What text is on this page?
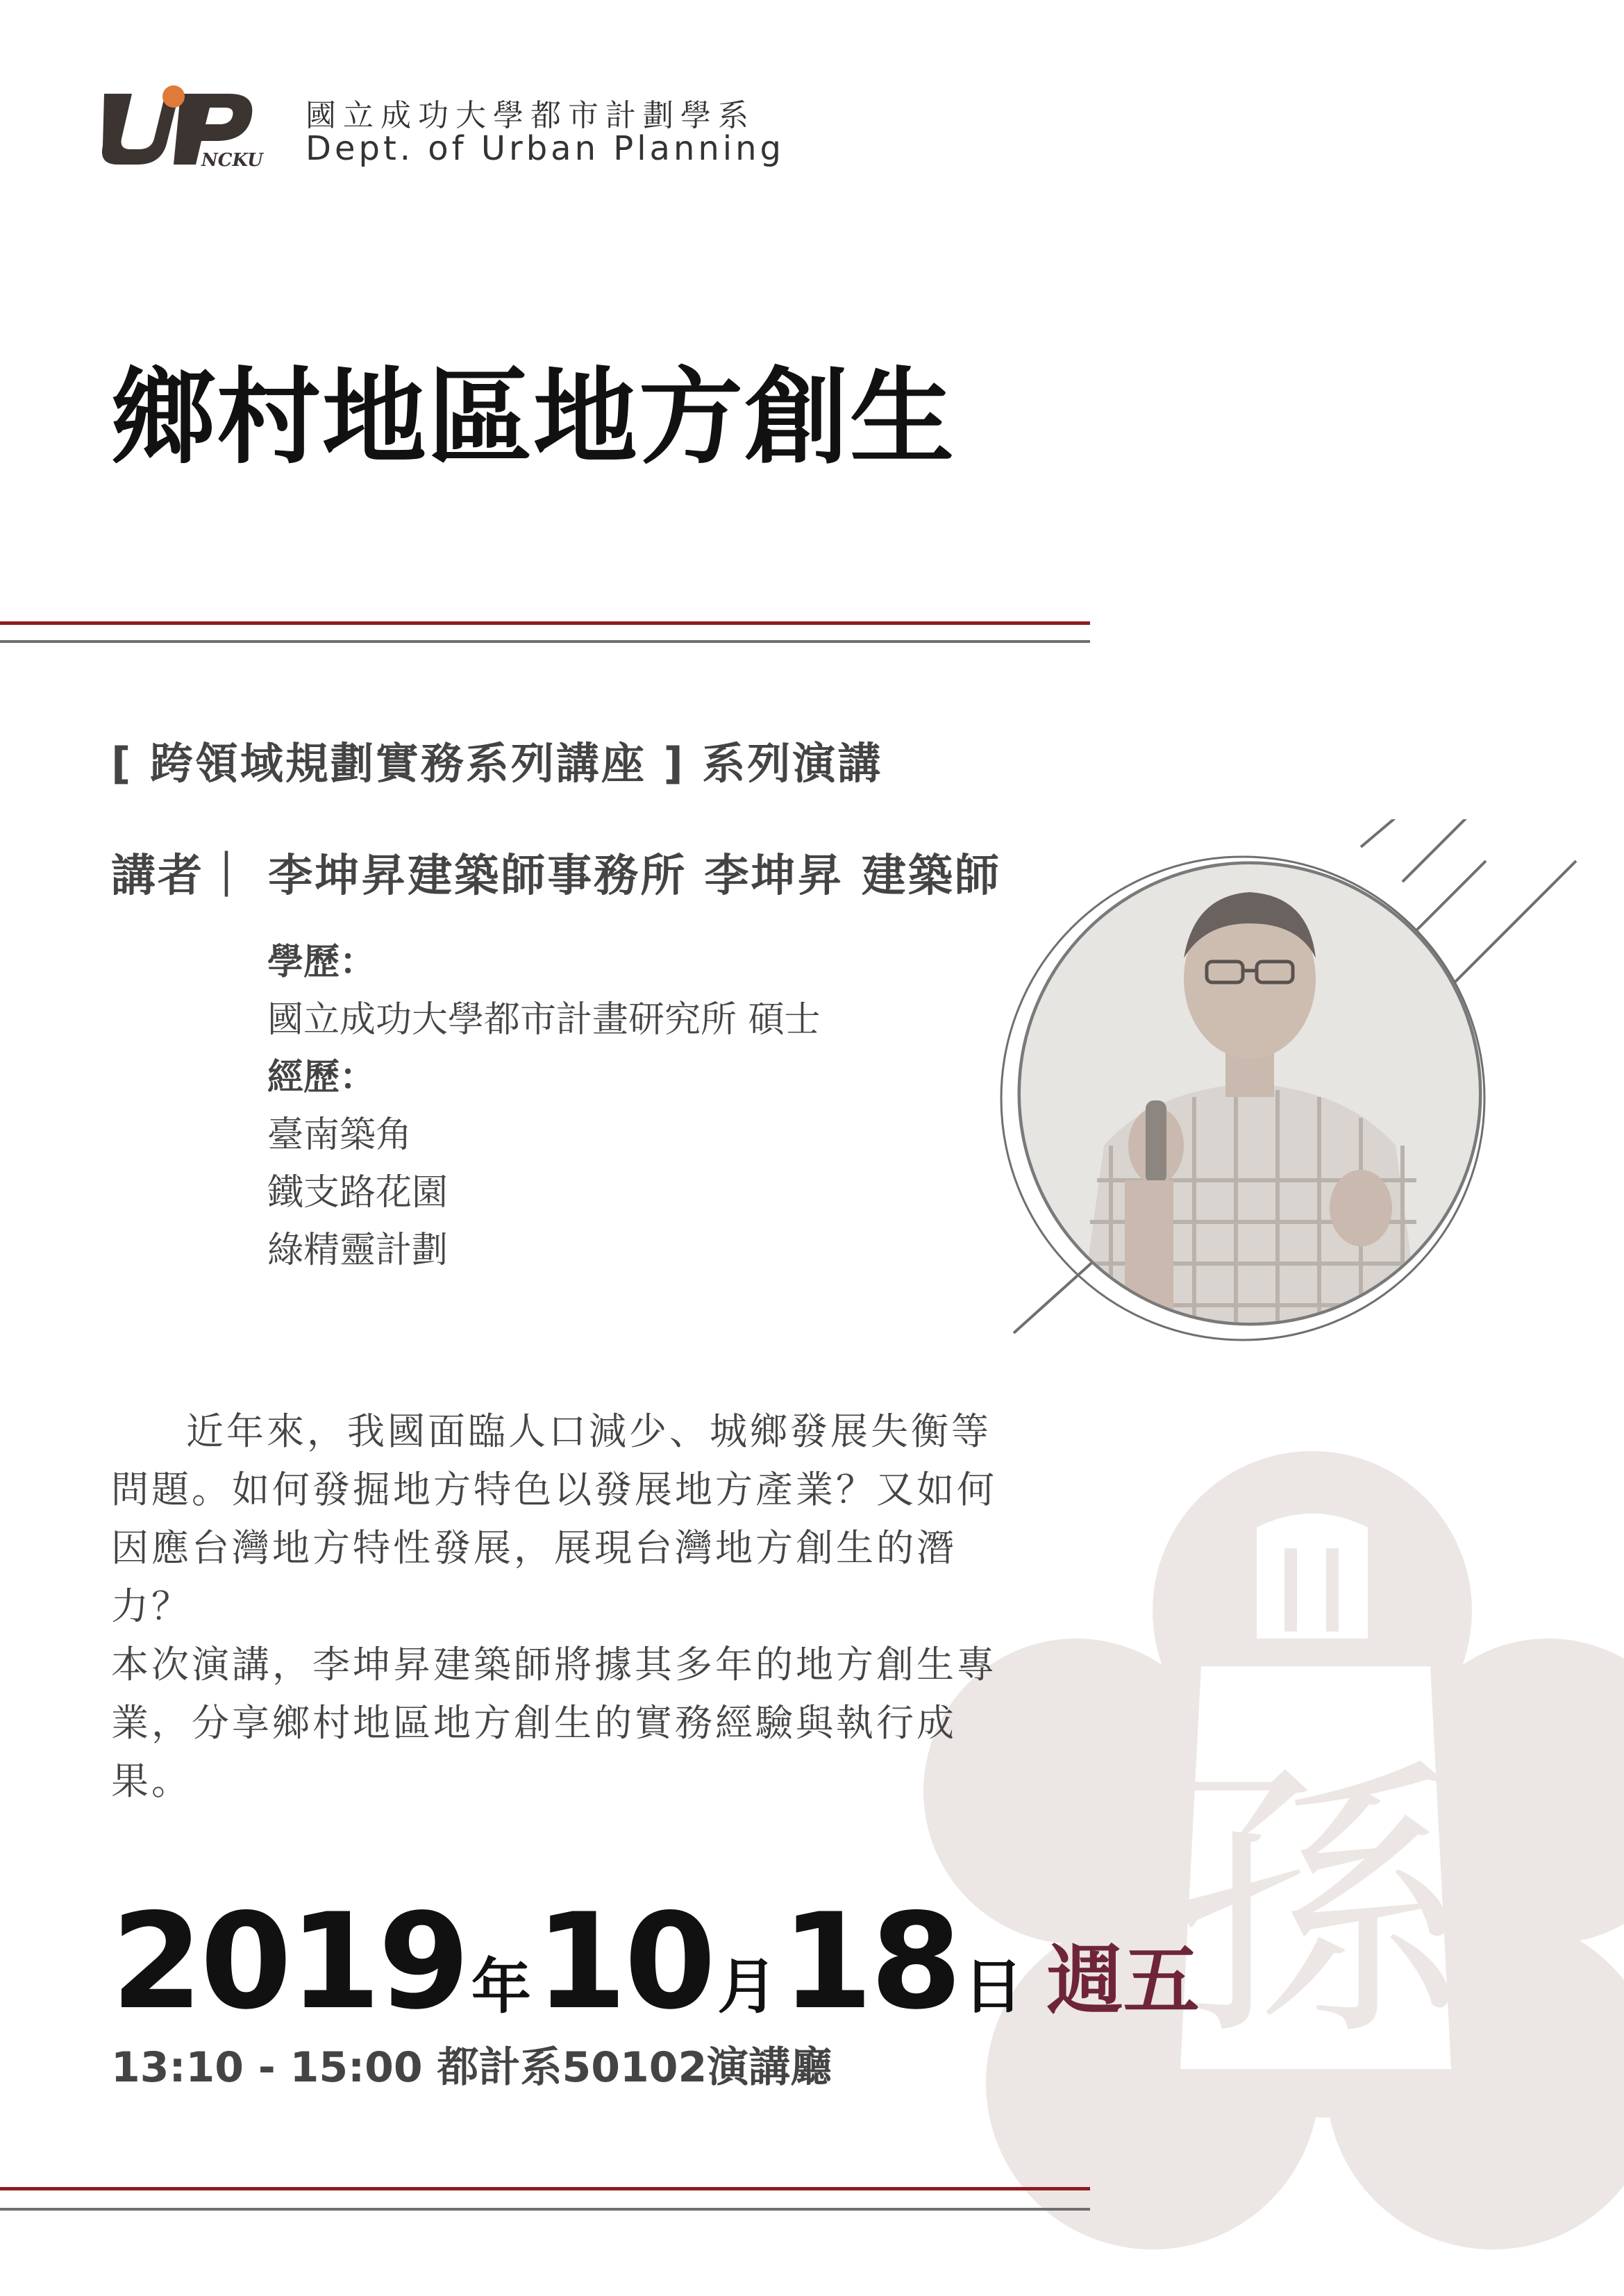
NCKU
國立成功大學都市計劃學系
Dept. of Urban Planning
鄉村地區地方創生
孫
[ 跨領域規劃實務系列講座 ] 系列演講
講者｜ 李坤昇建築師事務所 李坤昇 建築師
學歷：
國立成功大學都市計畫研究所 碩士
經歷：
臺南築角
鐵支路花園
綠精靈計劃

近年來，我國面臨人口減少、城鄉發展失衡等

問題。如何發掘地方特色以發展地方產業？又如何

因應台灣地方特性發展，展現台灣地方創生的潛力？

本次演講，李坤昇建築師將據其多年的地方創生專

業，分享鄉村地區地方創生的實務經驗與執行成果。

2019年10月18日 週五
13:10 - 15:00 都計系50102演講廳
